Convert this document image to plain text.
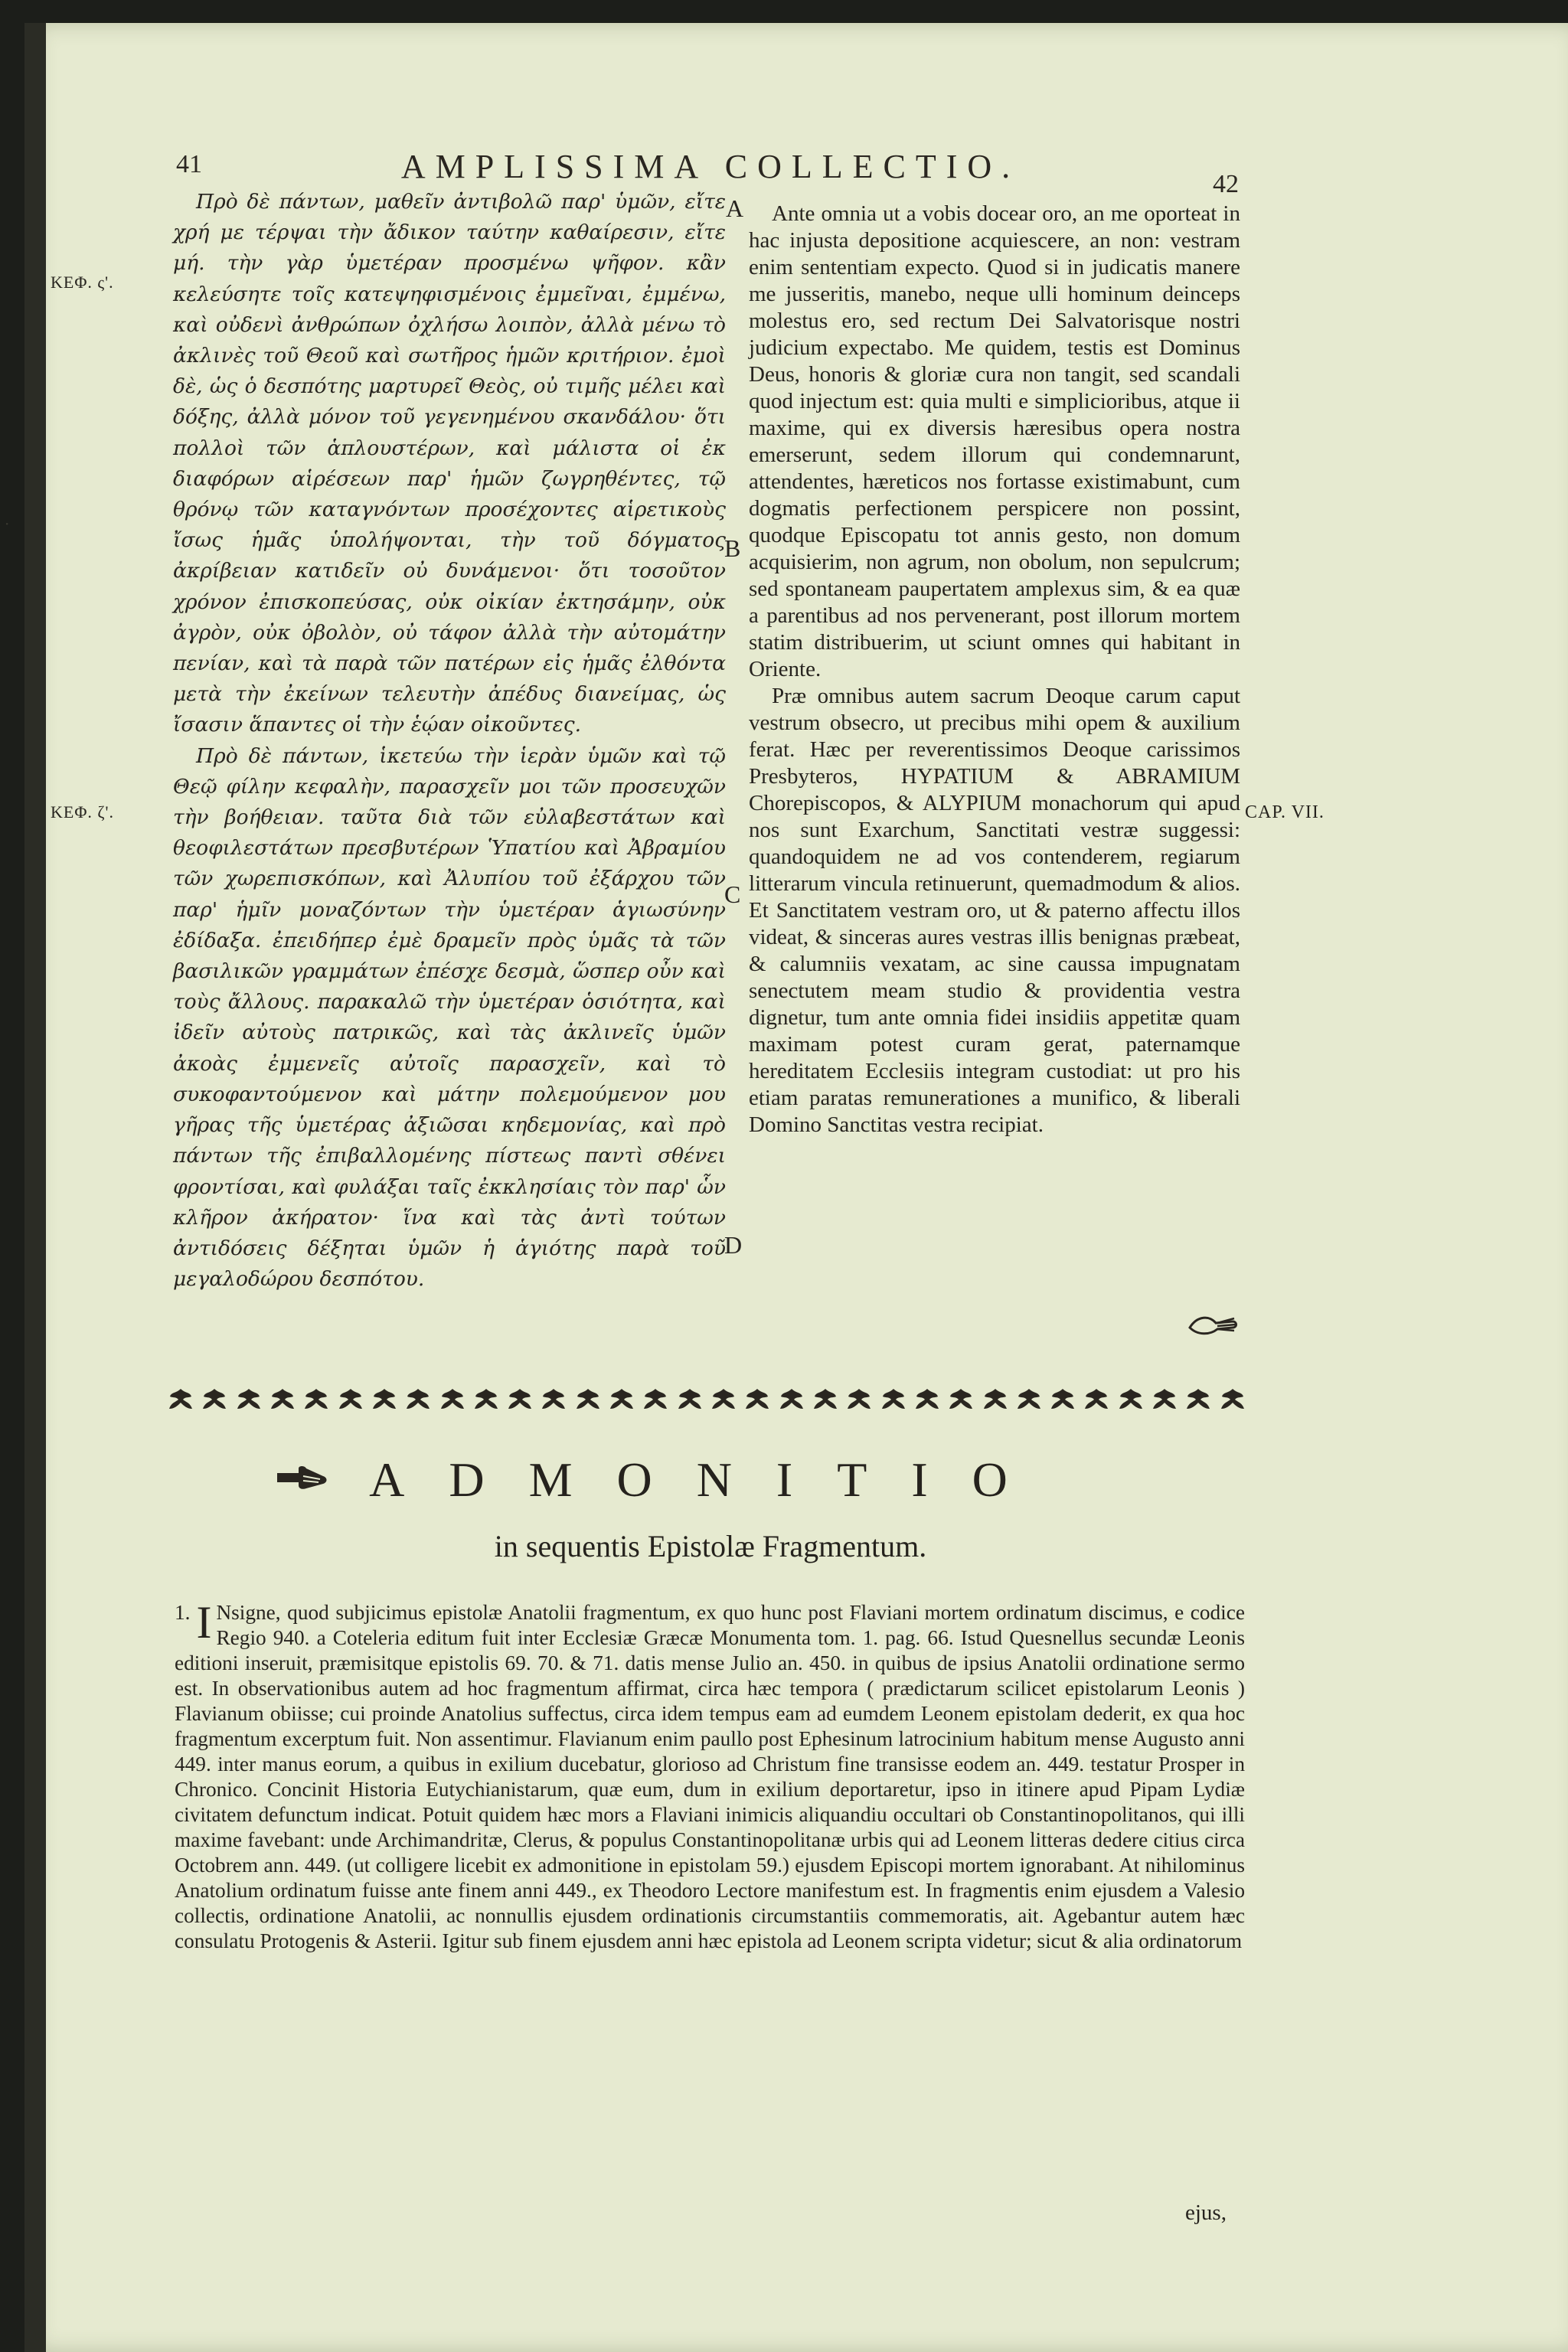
41	AMPLISSIMA COLLECTIO.	42
ΚΕΦ. ς'.
ΚΕΦ. ζ'.	CAP. VII.
A
B
C
D

Πρὸ δὲ πάντων, μαθεῖν ἀντιβολῶ παρ' ὑμῶν, εἴτε χρή με τέρψαι τὴν ἄδικον ταύτην καθαίρεσιν, εἴτε μή. τὴν γὰρ ὑμετέραν προσμένω ψῆφον. κἂν κελεύσητε τοῖς κατεψηφισμένοις ἐμμεῖναι, ἐμμένω, καὶ οὐδενὶ ἀνθρώπων ὀχλήσω λοιπὸν, ἀλλὰ μένω τὸ ἀκλινὲς τοῦ Θεοῦ καὶ σωτῆρος ἡμῶν κριτήριον. ἐμοὶ δὲ, ὡς ὁ δεσπότης μαρτυρεῖ Θεὸς, οὐ τιμῆς μέλει καὶ δόξης, ἀλλὰ μόνον τοῦ γεγενημένου σκανδάλου· ὅτι πολλοὶ τῶν ἁπλουστέρων, καὶ μάλιστα οἱ ἐκ διαφόρων αἱρέσεων παρ' ἡμῶν ζωγρηθέντες, τῷ θρόνῳ τῶν καταγνόντων προσέχοντες αἱρετικοὺς ἴσως ἡμᾶς ὑπολήψονται, τὴν τοῦ δόγματος ἀκρίβειαν κατιδεῖν οὐ δυνάμενοι· ὅτι τοσοῦτον χρόνον ἐπισκοπεύσας, οὐκ οἰκίαν ἐκτησάμην, οὐκ ἀγρὸν, οὐκ ὀβολὸν, οὐ τάφον ἀλλὰ τὴν αὐτομάτην πενίαν, καὶ τὰ παρὰ τῶν πατέρων εἰς ἡμᾶς ἐλθόντα μετὰ τὴν ἐκείνων τελευτὴν ἀπέδυς διανείμας, ὡς ἴσασιν ἅπαντες οἱ τὴν ἑῴαν οἰκοῦντες.

Πρὸ δὲ πάντων, ἱκετεύω τὴν ἱερὰν ὑμῶν καὶ τῷ Θεῷ φίλην κεφαλὴν, παρασχεῖν μοι τῶν προσευχῶν τὴν βοήθειαν. ταῦτα διὰ τῶν εὐλαβεστάτων καὶ θεοφιλεστάτων πρεσβυτέρων Ὑπατίου καὶ Ἀβραμίου τῶν χωρεπισκόπων, καὶ Ἀλυπίου τοῦ ἐξάρχου τῶν παρ' ἡμῖν μοναζόντων τὴν ὑμετέραν ἁγιωσύνην ἐδίδαξα. ἐπειδήπερ ἐμὲ δραμεῖν πρὸς ὑμᾶς τὰ τῶν βασιλικῶν γραμμάτων ἐπέσχε δεσμὰ, ὥσπερ οὖν καὶ τοὺς ἄλλους. παρακαλῶ τὴν ὑμετέραν ὁσιότητα, καὶ ἰδεῖν αὐτοὺς πατρικῶς, καὶ τὰς ἀκλινεῖς ὑμῶν ἀκοὰς ἐμμενεῖς αὐτοῖς παρασχεῖν, καὶ τὸ συκοφαντούμενον καὶ μάτην πολεμούμενον μου γῆρας τῆς ὑμετέρας ἀξιῶσαι κηδεμονίας, καὶ πρὸ πάντων τῆς ἐπιβαλλομένης πίστεως παντὶ σθένει φροντίσαι, καὶ φυλάξαι ταῖς ἐκκλησίαις τὸν παρ' ὧν κλῆρον ἀκήρατον· ἵνα καὶ τὰς ἀντὶ τούτων ἀντιδόσεις δέξηται ὑμῶν ἡ ἁγιότης παρὰ τοῦ μεγαλοδώρου δεσπότου.

Ante omnia ut a vobis docear oro, an me oporteat in hac injusta depositione acquiescere, an non: vestram enim sententiam expecto. Quod si in judicatis manere me jusseritis, manebo, neque ulli hominum deinceps molestus ero, sed rectum Dei Salvatorisque nostri judicium expectabo. Me quidem, testis est Dominus Deus, honoris & gloriæ cura non tangit, sed scandali quod injectum est: quia multi e simplicioribus, atque ii maxime, qui ex diversis hæresibus opera nostra emerserunt, sedem illorum qui condemnarunt, attendentes, hæreticos nos fortasse existimabunt, cum dogmatis perfectionem perspicere non possint, quodque Episcopatu tot annis gesto, non domum acquisierim, non agrum, non obolum, non sepulcrum; sed spontaneam paupertatem amplexus sim, & ea quæ a parentibus ad nos pervenerant, post illorum mortem statim distribuerim, ut sciunt omnes qui habitant in Oriente.

Præ omnibus autem sacrum Deoque carum caput vestrum obsecro, ut precibus mihi opem & auxilium ferat. Hæc per reverentissimos Deoque carissimos Presbyteros, HYPATIUM & ABRAMIUM Chorepiscopos, & ALYPIUM monachorum qui apud nos sunt Exarchum, Sanctitati vestræ suggessi: quandoquidem ne ad vos contenderem, regiarum litterarum vincula retinuerunt, quemadmodum & alios. Et Sanctitatem vestram oro, ut & paterno affectu illos videat, & sinceras aures vestras illis benignas præbeat, & calumniis vexatam, ac sine caussa impugnatam senectutem meam studio & providentia vestra dignetur, tum ante omnia fidei insidiis appetitæ quam maximam potest curam gerat, paternamque hereditatem Ecclesiis integram custodiat: ut pro his etiam paratas remunerationes a munifico, & liberali Domino Sanctitas vestra recipiat.

ADMONITIO
in sequentis Epistolæ Fragmentum.
1. I Nsigne, quod subjicimus epistolæ Anatolii fragmentum, ex quo hunc post Flaviani mortem ordinatum discimus, e codice Regio 940. a Coteleria editum fuit inter Ecclesiæ Græcæ Monumenta tom. 1. pag. 66. Istud Quesnellus secundæ Leonis editioni inseruit, præmisitque epistolis 69. 70. & 71. datis mense Julio an. 450. in quibus de ipsius Anatolii ordinatione sermo est. In observationibus autem ad hoc fragmentum affirmat, circa hæc tempora ( prædictarum scilicet epistolarum Leonis ) Flavianum obiisse; cui proinde Anatolius suffectus, circa idem tempus eam ad eumdem Leonem epistolam dederit, ex qua hoc fragmentum excerptum fuit. Non assentimur. Flavianum enim paullo post Ephesinum latrocinium habitum mense Augusto anni 449. inter manus eorum, a quibus in exilium ducebatur, glorioso ad Christum fine transisse eodem an. 449. testatur Prosper in Chronico. Concinit Historia Eutychianistarum, quæ eum, dum in exilium deportaretur, ipso in itinere apud Pipam Lydiæ civitatem defunctum indicat. Potuit quidem hæc mors a Flaviani inimicis aliquandiu occultari ob Constantinopolitanos, qui illi maxime favebant: unde Archimandritæ, Clerus, & populus Constantinopolitanæ urbis qui ad Leonem litteras dedere citius circa Octobrem ann. 449. (ut colligere licebit ex admonitione in epistolam 59.) ejusdem Episcopi mortem ignorabant. At nihilominus Anatolium ordinatum fuisse ante finem anni 449., ex Theodoro Lectore manifestum est. In fragmentis enim ejusdem a Valesio collectis, ordinatione Anatolii, ac nonnullis ejusdem ordinationis circumstantiis commemoratis, ait. Agebantur autem hæc consulatu Protogenis & Asterii. Igitur sub finem ejusdem anni hæc epistola ad Leonem scripta videtur; sicut & alia ordinatorum
ejus,
·
